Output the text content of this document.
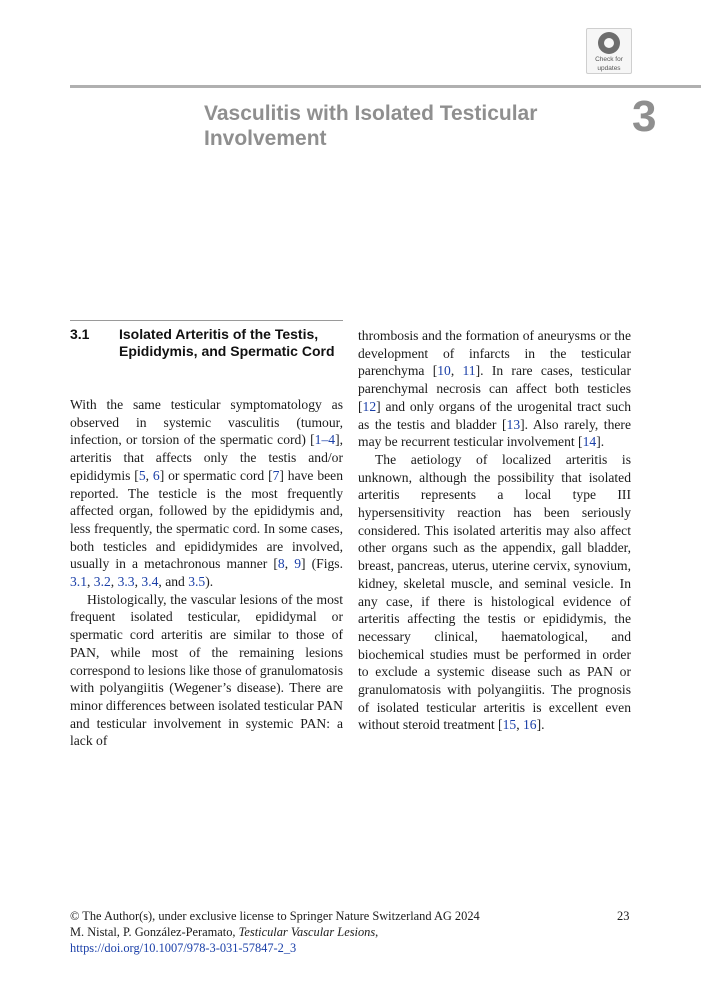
Check for
updates
Vasculitis with Isolated Testicular Involvement	3
3.1 Isolated Arteritis of the Testis, Epididymis, and Spermatic Cord

With the same testicular symptomatology as observed in systemic vasculitis (tumour, infection, or torsion of the spermatic cord) [1–4], arteritis that affects only the testis and/or epididymis [5, 6] or spermatic cord [7] have been reported. The testicle is the most frequently affected organ, followed by the epididymis and, less frequently, the spermatic cord. In some cases, both testicles and epididymides are involved, usually in a metachronous manner [8, 9] (Figs. 3.1, 3.2, 3.3, 3.4, and 3.5).

Histologically, the vascular lesions of the most frequent isolated testicular, epididymal or spermatic cord arteritis are similar to those of PAN, while most of the remaining lesions correspond to lesions like those of granulomatosis with polyangiitis (Wegener’s disease). There are minor differences between isolated testicular PAN and testicular involvement in systemic PAN: a lack of

thrombosis and the formation of aneurysms or the development of infarcts in the testicular parenchyma [10, 11]. In rare cases, testicular parenchymal necrosis can affect both testicles [12] and only organs of the urogenital tract such as the testis and bladder [13]. Also rarely, there may be recurrent testicular involvement [14].

The aetiology of localized arteritis is unknown, although the possibility that isolated arteritis represents a local type III hypersensitivity reaction has been seriously considered. This isolated arteritis may also affect other organs such as the appendix, gall bladder, breast, pancreas, uterus, uterine cervix, synovium, kidney, skeletal muscle, and seminal vesicle. In any case, if there is histological evidence of arteritis affecting the testis or epididymis, the necessary clinical, haematological, and biochemical studies must be performed in order to exclude a systemic disease such as PAN or granulomatosis with polyangiitis. The prognosis of isolated testicular arteritis is excellent even without steroid treatment [15, 16].

© The Author(s), under exclusive license to Springer Nature Switzerland AG 2024
M. Nistal, P. González-Peramato, Testicular Vascular Lesions,
https://doi.org/10.1007/978-3-031-57847-2_3
23
